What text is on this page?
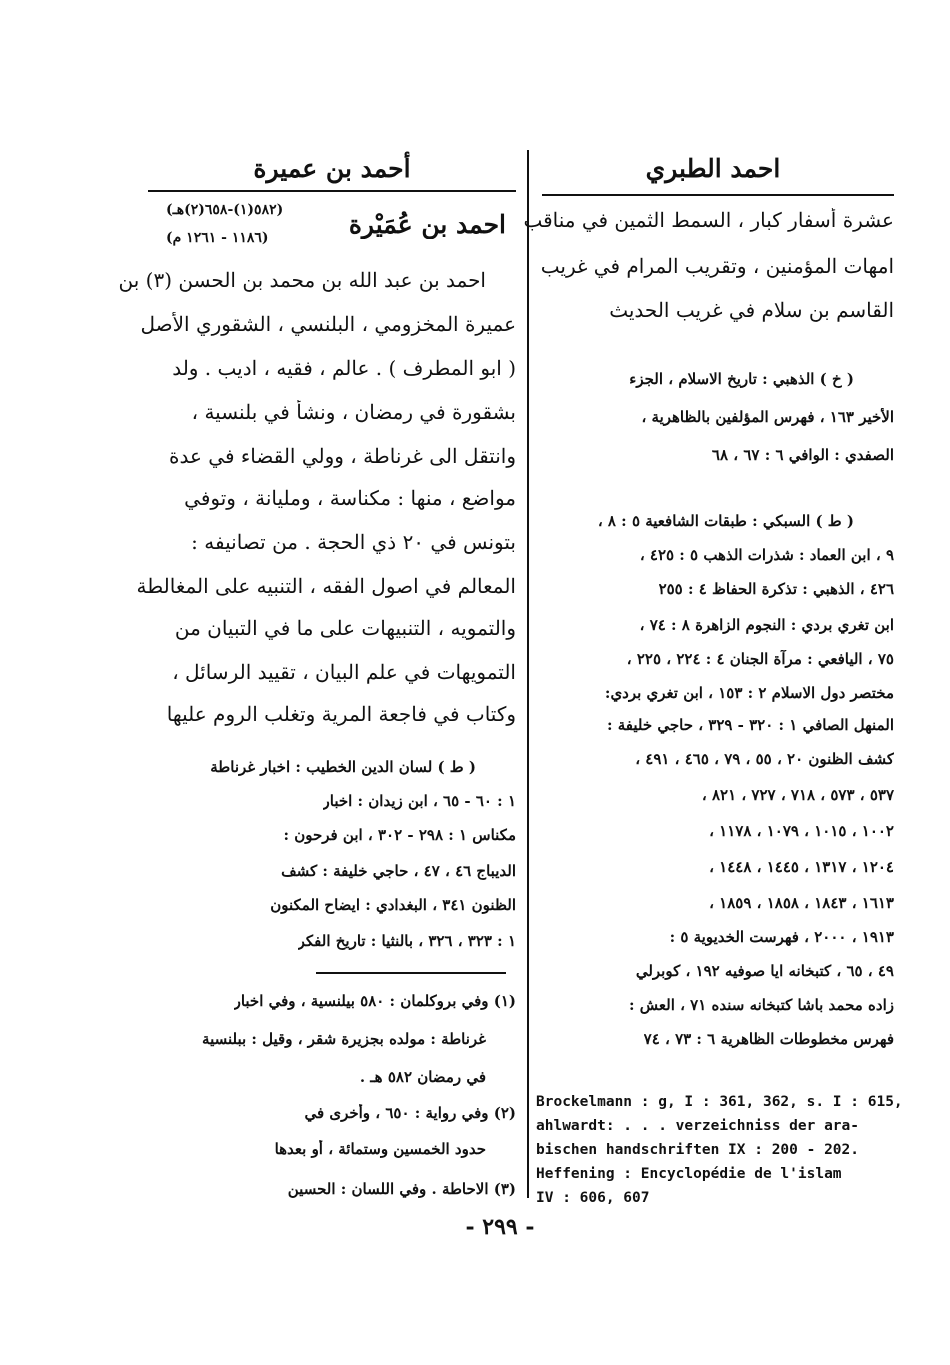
احمد الطبري
عشرة أسفار كبار ، السمط الثمين في مناقب
امهات المؤمنين ، وتقريب المرام في غريب
القاسم بن سلام في غريب الحديث
( خ ) الذهبي : تاريخ الاسلام ، الجزء
الأخير ١٦٣ ، فهرس المؤلفين بالظاهرية ،
الصفدي : الوافي ٦ : ٦٧ ، ٦٨
( ط ) السبكي : طبقات الشافعية ٥ : ٨ ،
٩ ، ابن العماد : شذرات الذهب ٥ : ٤٢٥ ،
٤٢٦ ، الذهبي : تذكرة الحفاظ ٤ : ٢٥٥
ابن تغري بردي : النجوم الزاهرة ٨ : ٧٤ ،
٧٥ ، اليافعي : مرآة الجنان ٤ : ٢٢٤ ، ٢٢٥ ،
مختصر دول الاسلام ٢ : ١٥٣ ، ابن تغري بردي:
المنهل الصافي ١ : ٣٢٠ - ٣٢٩ ، حاجي خليفة :
كشف الظنون ٢٠ ، ٥٥ ، ٧٩ ، ٤٦٥ ، ٤٩١ ،
٥٣٧ ، ٥٧٣ ، ٧١٨ ، ٧٢٧ ، ٨٢١ ،
١٠٠٢ ، ١٠١٥ ، ١٠٧٩ ، ١١٧٨ ،
١٢٠٤ ، ١٣١٧ ، ١٤٤٥ ، ١٤٤٨ ،
١٦١٣ ، ١٨٤٣ ، ١٨٥٨ ، ١٨٥٩ ،
١٩١٣ ، ٢٠٠٠ ، فهرست الخديوية ٥ :
٤٩ ، ٦٥ ، كتبخانه ايا صوفيه ١٩٢ ، كوبرلي
زاده محمد باشا كتبخانه سنده ٧١ ، العش :
فهرس مخطوطات الظاهرية ٦ : ٧٣ ، ٧٤
Brockelmann : g, I : 361, 362, s. I : 615,
ahlwardt: . . . verzeichniss der ara-
bischen handschriften IX : 200 - 202.
Heffening : Encyclopédie de l'islam
IV : 606, 607
أحمد بن عميرة
احمد بن عُمَيْرة
(٥٨٢(١)-٦٥٨(٢)هـ)
(١١٨٦ - ١٢٦١ م)
احمد بن عبد الله بن محمد بن الحسن (٣) بن
عميرة المخزومي ، البلنسي ، الشقوري الأصل
( ابو المطرف ) . عالم ، فقيه ، اديب . ولد
بشقورة في رمضان ، ونشأ في بلنسية ،
وانتقل الى غرناطة ، وولي القضاء في عدة
مواضع ، منها : مكناسة ، ومليانة ، وتوفي
بتونس في ٢٠ ذي الحجة . من تصانيفه :
المعالم في اصول الفقه ، التنبيه على المغالطة
والتمويه ، التنبيهات على ما في التبيان من
التمويهات في علم البيان ، تقييد الرسائل ،
وكتاب في فاجعة المرية وتغلب الروم عليها
( ط ) لسان الدين الخطيب : اخبار غرناطة
١ : ٦٠ - ٦٥ ، ابن زيدان : اخبار
مكناس ١ : ٢٩٨ - ٣٠٢ ، ابن فرحون :
الديباج ٤٦ ، ٤٧ ، حاجي خليفة : كشف
الظنون ٣٤١ ، البغدادي : ايضاح المكنون
١ : ٣٢٣ ، ٣٢٦ ، بالنثيا : تاريخ الفكر
(١) وفي بروكلمان : ٥٨٠ بيلنسية ، وفي اخبار
غرناطة : مولده بجزيرة شقر ، وقيل : ببلنسية
في رمضان ٥٨٢ هـ .
(٢) وفي رواية : ٦٥٠ ، وأخرى في
حدود الخمسين وستمائة ، أو بعدها
(٣) الاحاطة . وفي اللسان : الحسين
- ٢٩٩ -
